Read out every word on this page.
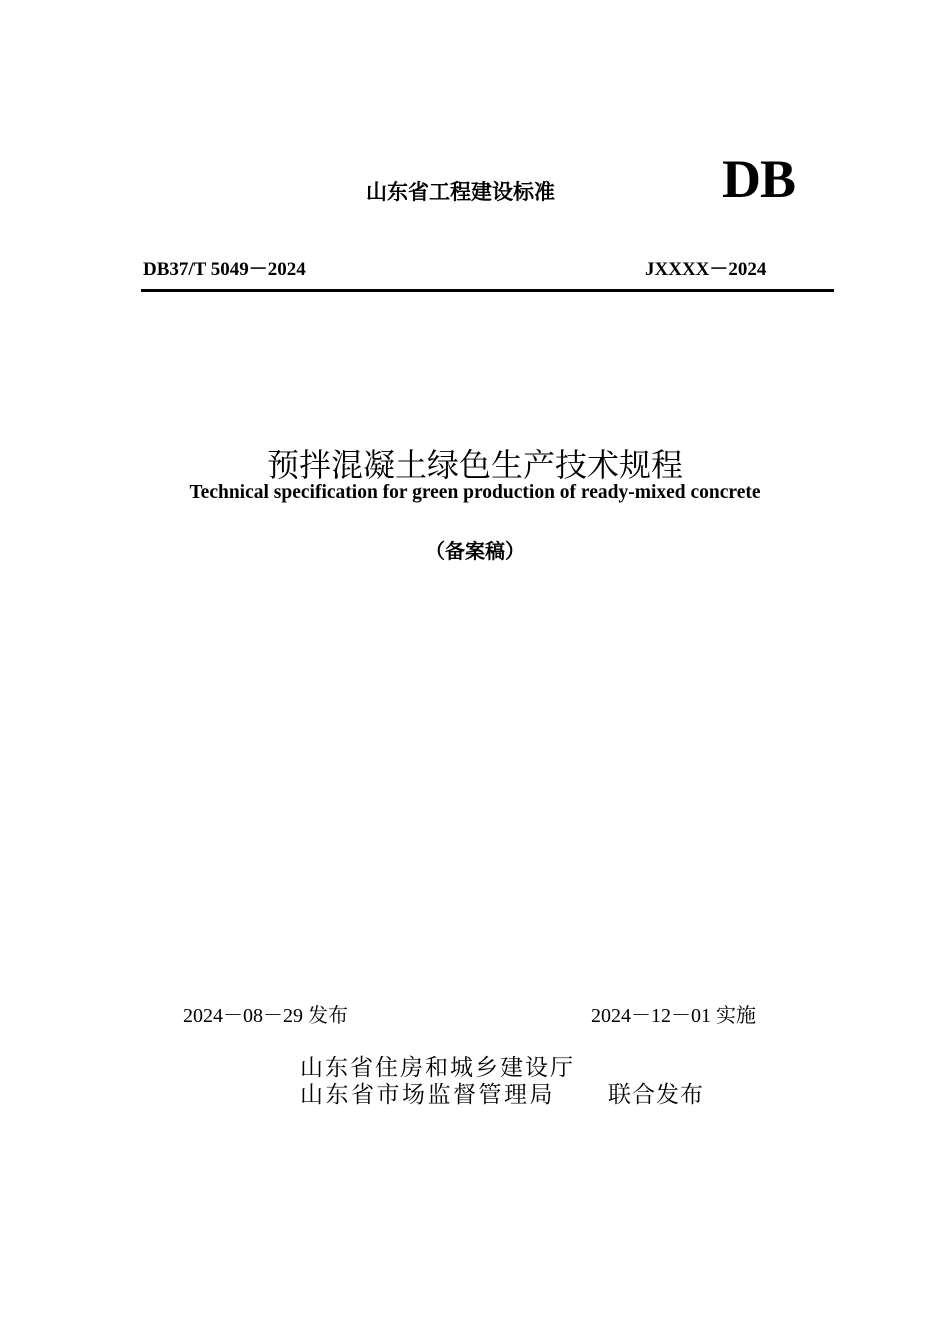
山东省工程建设标准	DB
DB37/T 5049－2024	JXXXX－2024
预拌混凝土绿色生产技术规程
Technical specification for green production of ready-mixed concrete
（备案稿）
2024－08－29 发布	2024－12－01 实施
山东省住房和城乡建设厅
山东省市场监督管理局 联合发布
